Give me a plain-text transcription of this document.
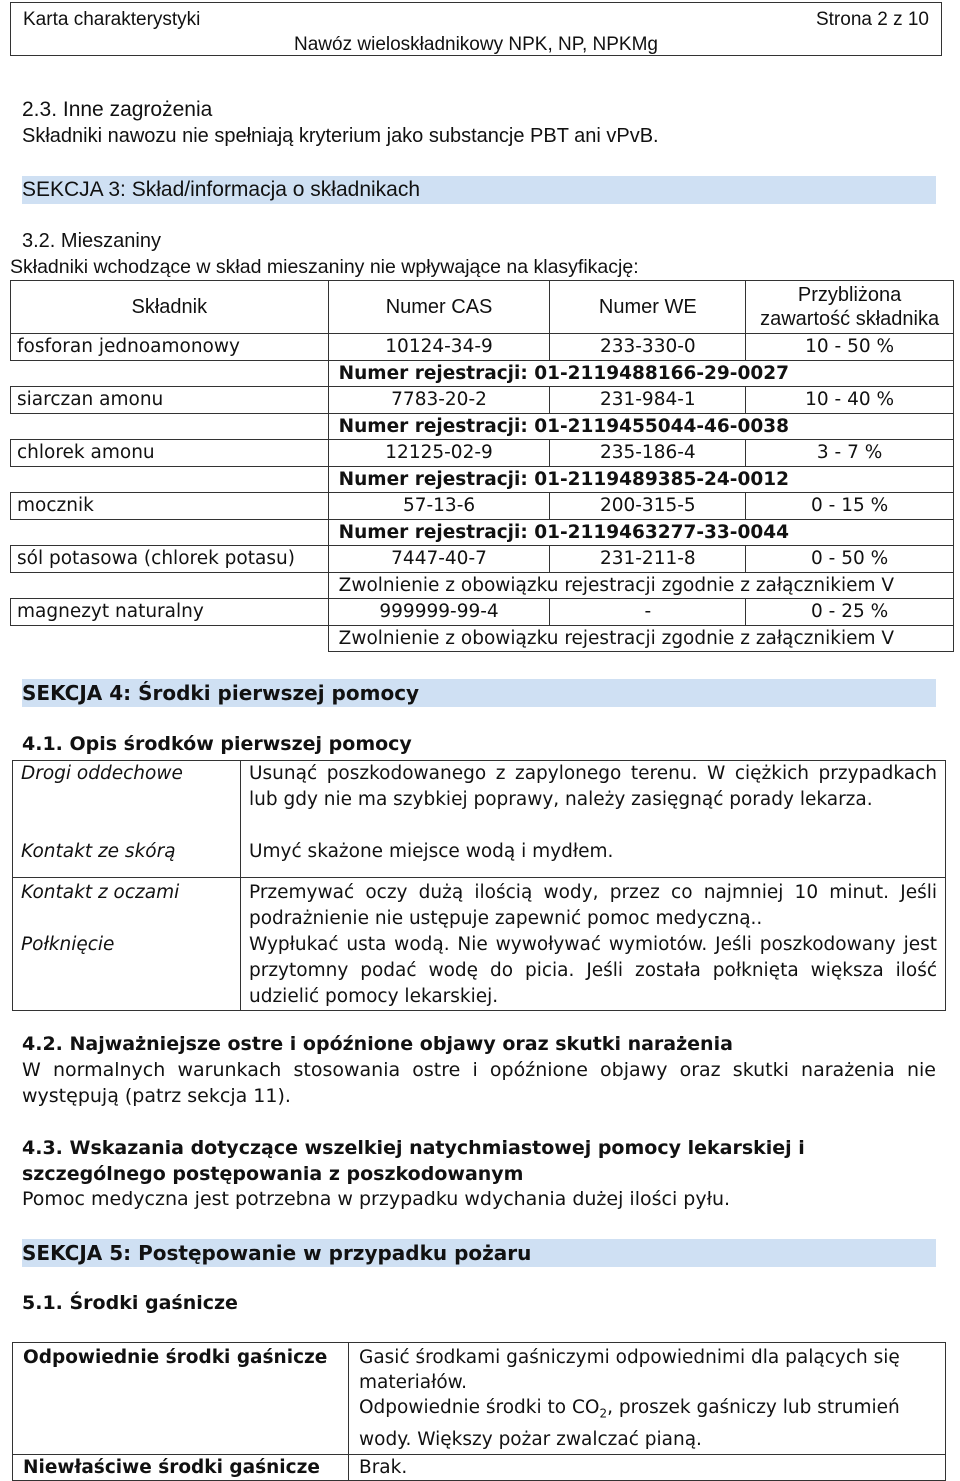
Karta charakterystyki	Strona 2 z 10
Nawóz wieloskładnikowy NPK, NP, NPKMg
2.3. Inne zagrożenia
Składniki nawozu nie spełniają kryterium jako substancje PBT ani vPvB.
SEKCJA 3: Skład/informacja o składnikach
3.2. Mieszaniny
Składniki wchodzące w skład mieszaniny nie wpływające na klasyfikację:
Składnik	Numer CAS	Numer WE	Przybliżona zawartość składnika
fosforan jednoamonowy	10124-34-9	233-330-0	10 - 50 %
	Numer rejestracji: 01-2119488166-29-0027		
siarczan amonu	7783-20-2	231-984-1	10 - 40 %
	Numer rejestracji: 01-2119455044-46-0038		
chlorek amonu	12125-02-9	235-186-4	3 - 7 %
	Numer rejestracji: 01-2119489385-24-0012		
mocznik	57-13-6	200-315-5	0 - 15 %
	Numer rejestracji: 01-2119463277-33-0044		
sól potasowa (chlorek potasu)	7447-40-7	231-211-8	0 - 50 %
	Zwolnienie z obowiązku rejestracji zgodnie z załącznikiem V		
magnezyt naturalny	999999-99-4	-	0 - 25 %
	Zwolnienie z obowiązku rejestracji zgodnie z załącznikiem V		
SEKCJA 4: Środki pierwszej pomocy
4.1. Opis środków pierwszej pomocy
Drogi oddechowe	Usunąć poszkodowanego z zapylonego terenu. W ciężkich przypadkach lub gdy nie ma szybkiej poprawy, należy zasięgnąć porady lekarza.
Kontakt ze skórą	Umyć skażone miejsce wodą i mydłem.
Kontakt z oczami	Przemywać oczy dużą ilością wody, przez co najmniej 10 minut. Jeśli podrażnienie nie ustępuje zapewnić pomoc medyczną..
Połknięcie	Wypłukać usta wodą. Nie wywoływać wymiotów. Jeśli poszkodowany jest przytomny podać wodę do picia. Jeśli została połknięta większa ilość udzielić pomocy lekarskiej.
4.2. Najważniejsze ostre i opóźnione objawy oraz skutki narażenia
W normalnych warunkach stosowania ostre i opóźnione objawy oraz skutki narażenia nie występują (patrz sekcja 11).
4.3. Wskazania dotyczące wszelkiej natychmiastowej pomocy lekarskiej i szczególnego postępowania z poszkodowanym
Pomoc medyczna jest potrzebna w przypadku wdychania dużej ilości pyłu.
SEKCJA 5: Postępowanie w przypadku pożaru
5.1. Środki gaśnicze
Odpowiednie środki gaśnicze	Gasić środkami gaśniczymi odpowiednimi dla palących się materiałów.
Odpowiednie środki to $CO_2$, proszek gaśniczy lub strumień wody. Większy pożar zwalczać pianą.

Niewłaściwe środki gaśnicze	Brak.
